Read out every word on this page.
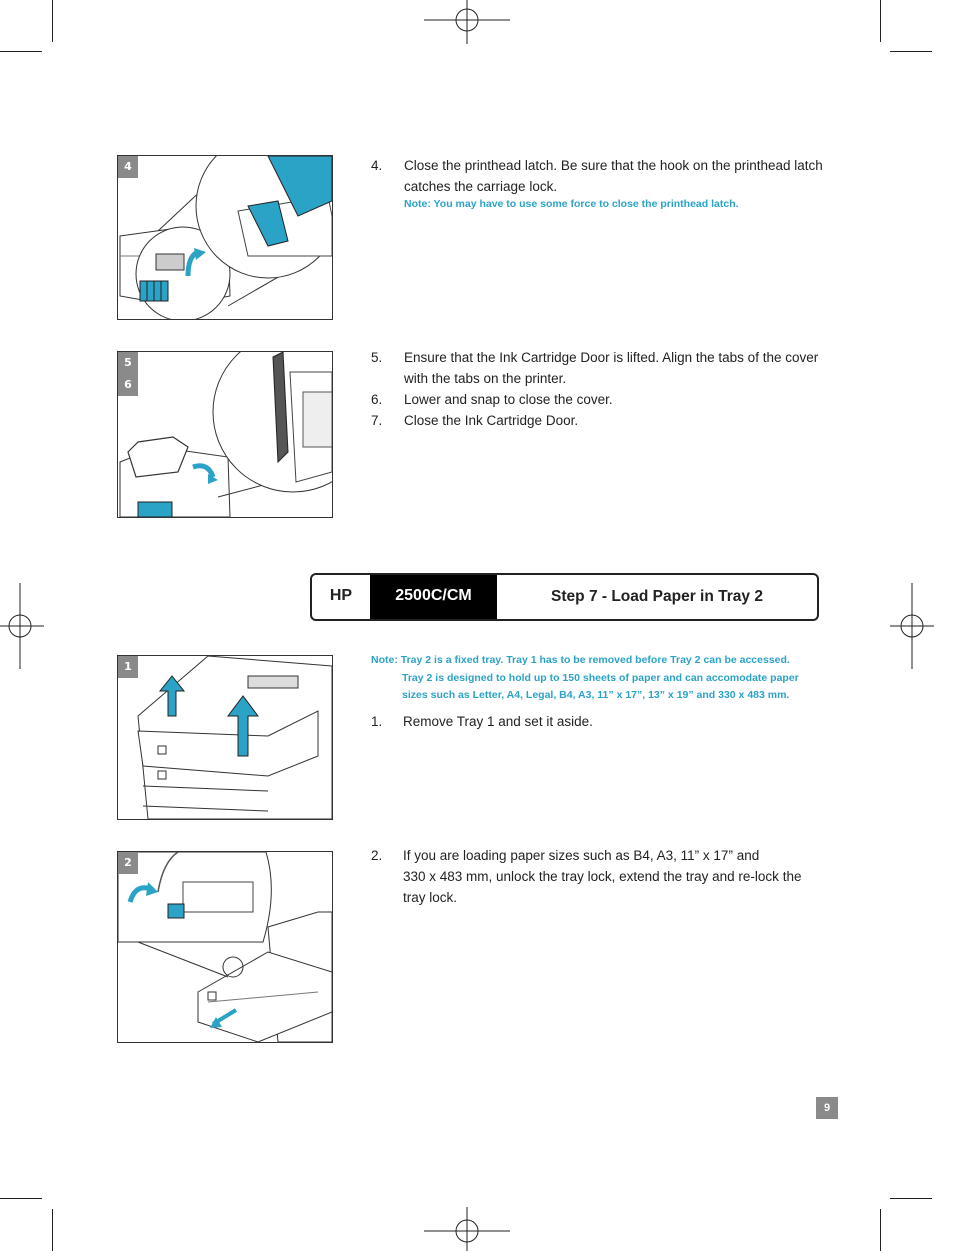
4
5
6
1
2
4. Close the printhead latch. Be sure that the hook on the printhead latch catches the carriage lock.
Note: You may have to use some force to close the printhead latch.
5. Ensure that the Ink Cartridge Door is lifted. Align the tabs of the cover with the tabs on the printer.
6. Lower and snap to close the cover.
7. Close the Ink Cartridge Door.
HP	2500C/CM	Step 7 - Load Paper in Tray 2
Note: Tray 2 is a fixed tray. Tray 1 has to be removed before Tray 2 can be accessed.
Tray 2 is designed to hold up to 150 sheets of paper and can accomodate paper
sizes such as Letter, A4, Legal, B4, A3, 11” x 17”, 13” x 19” and 330 x 483 mm.
1. Remove Tray 1 and set it aside.
2. If you are loading paper sizes such as B4, A3, 11” x 17” and
330 x 483 mm, unlock the tray lock, extend the tray and re-lock the tray lock.
9
